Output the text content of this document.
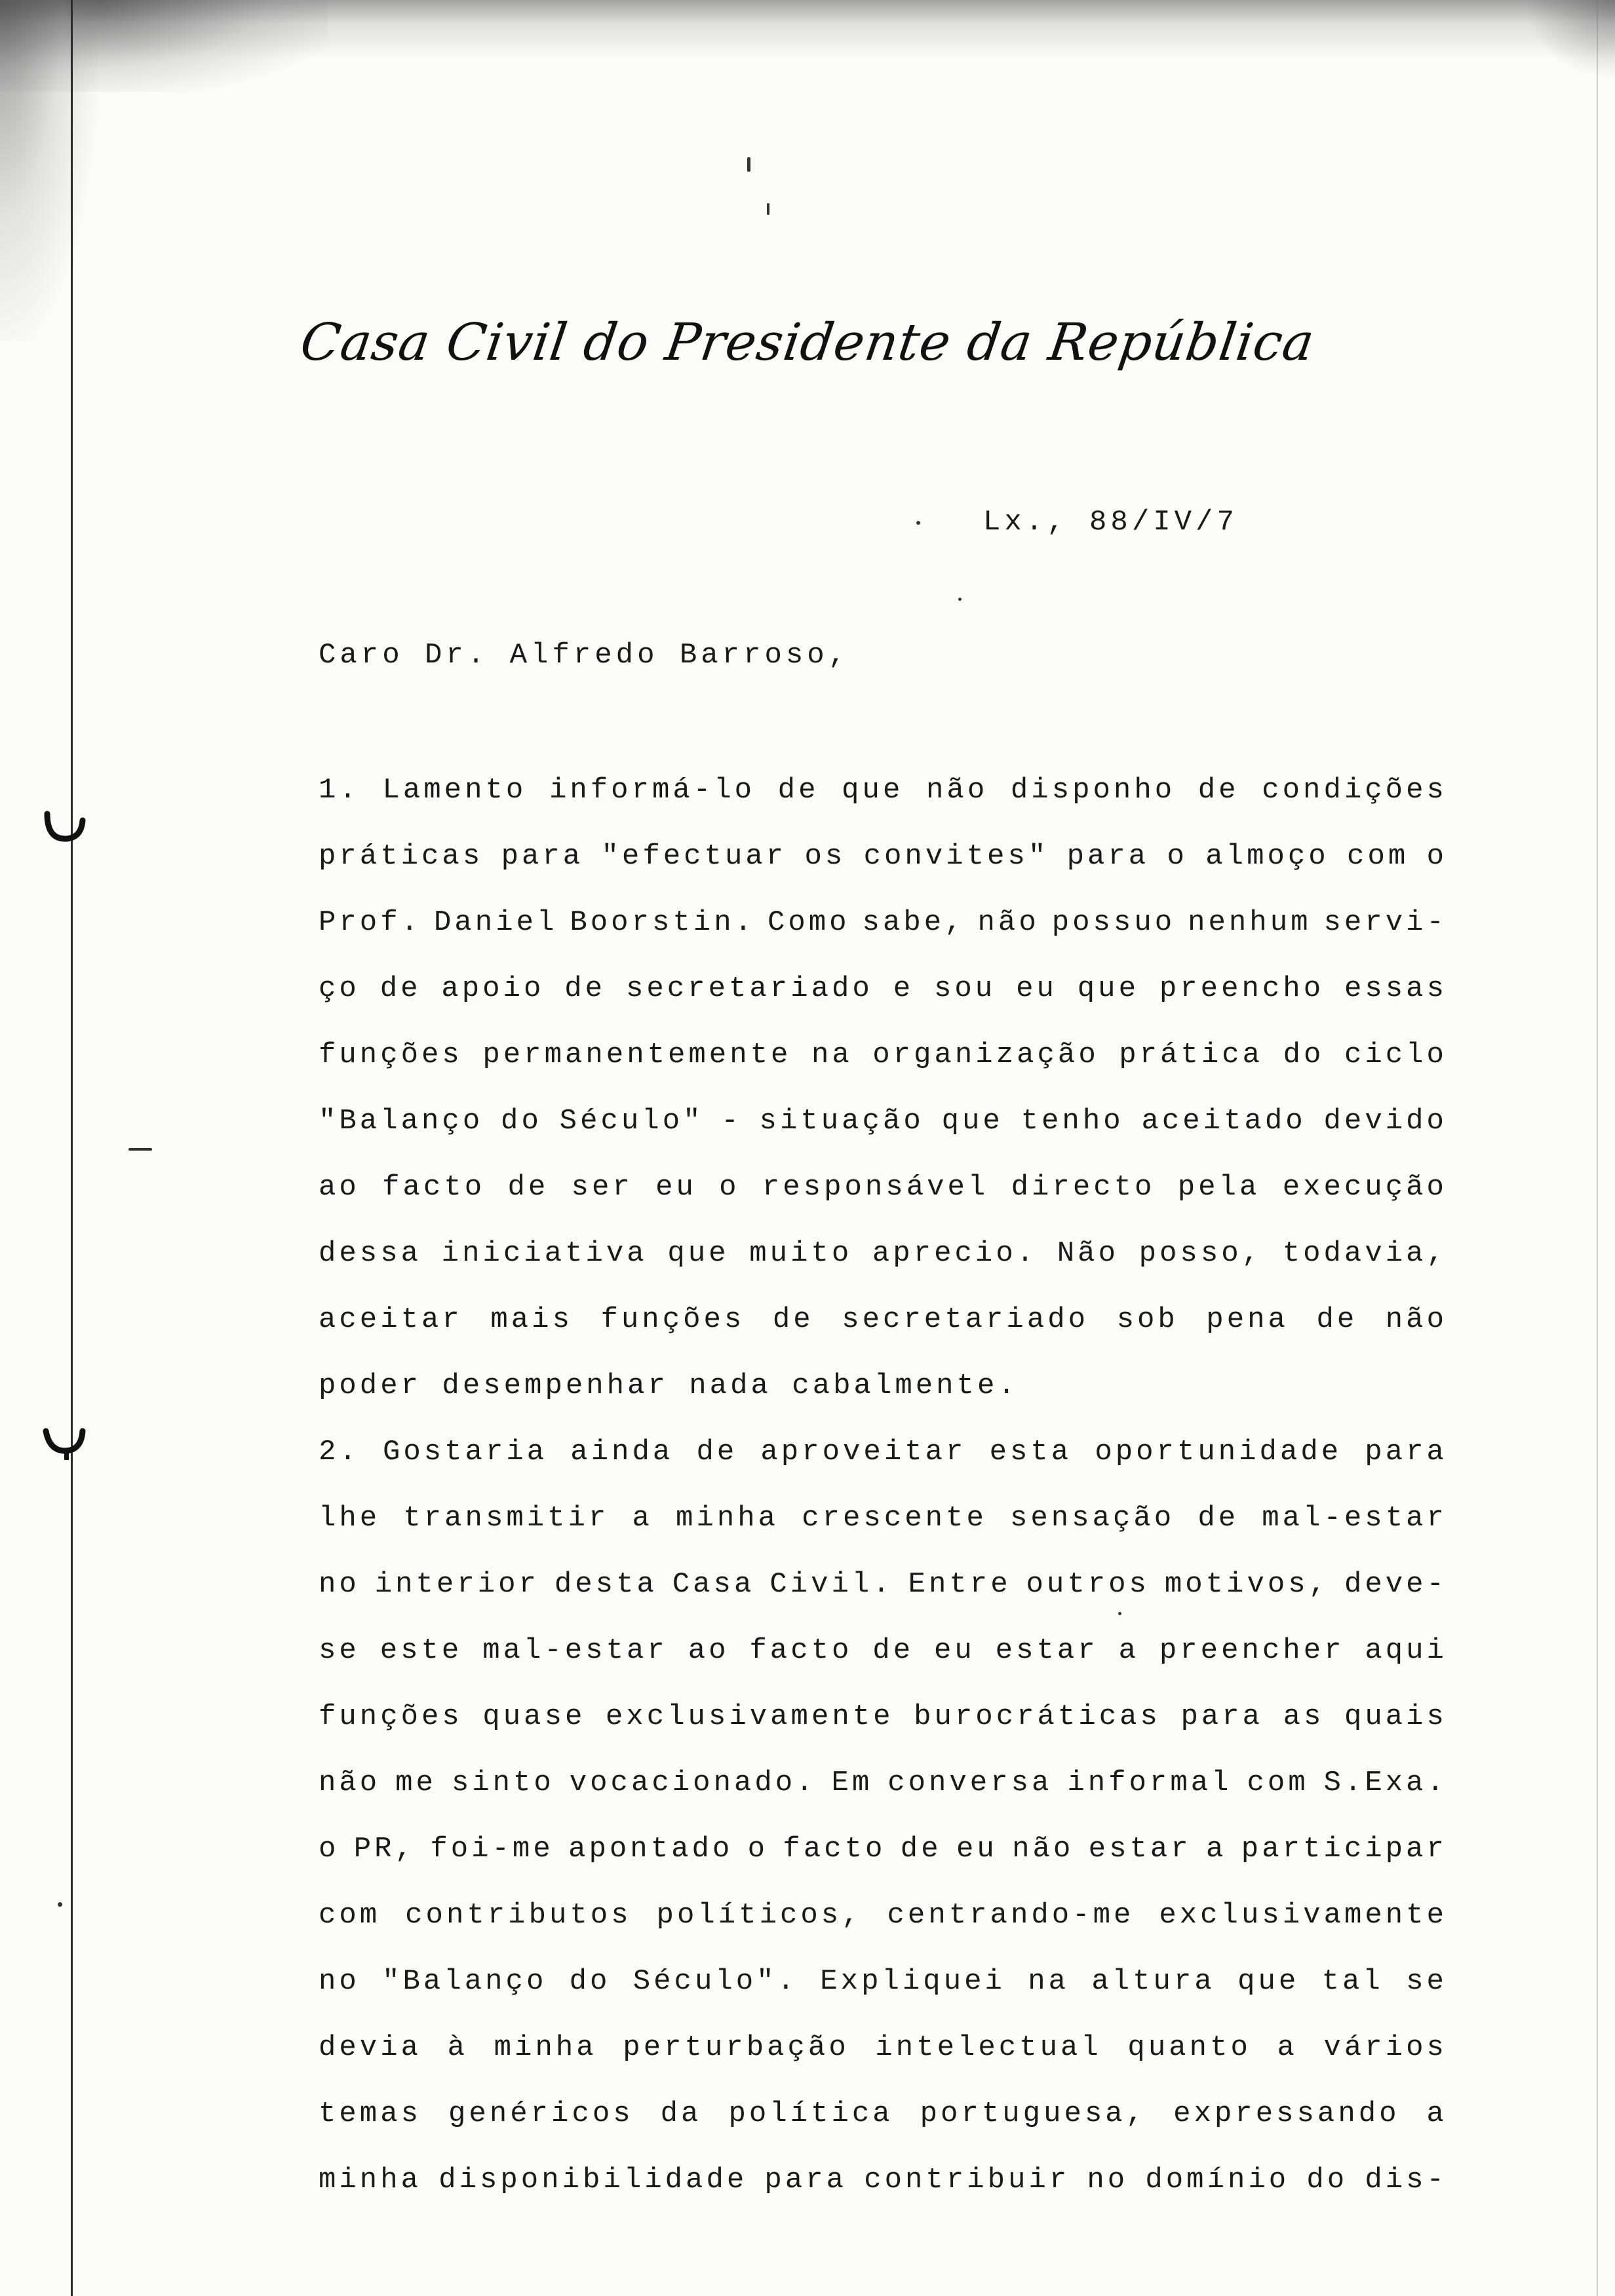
Casa Civil do Presidente da República
Lx., 88/IV/7
Caro Dr. Alfredo Barroso,
1. Lamento informá-lo de que não disponho de condições
práticas para "efectuar os convites" para o almoço com o
Prof. Daniel Boorstin. Como sabe, não possuo nenhum servi-
ço de apoio de secretariado e sou eu que preencho essas
funções permanentemente na organização prática do ciclo
"Balanço do Século" - situação que tenho aceitado devido
ao facto de ser eu o responsável directo pela execução
dessa iniciativa que muito aprecio. Não posso, todavia,
aceitar mais funções de secretariado sob pena de não
poder desempenhar nada cabalmente.
2. Gostaria ainda de aproveitar esta oportunidade para
lhe transmitir a minha crescente sensação de mal-estar
no interior desta Casa Civil. Entre outros motivos, deve-
se este mal-estar ao facto de eu estar a preencher aqui
funções quase exclusivamente burocráticas para as quais
não me sinto vocacionado. Em conversa informal com S.Exa.
o PR, foi-me apontado o facto de eu não estar a participar
com contributos políticos, centrando-me exclusivamente
no "Balanço do Século". Expliquei na altura que tal se
devia à minha perturbação intelectual quanto a vários
temas genéricos da política portuguesa, expressando a
minha disponibilidade para contribuir no domínio do dis-
